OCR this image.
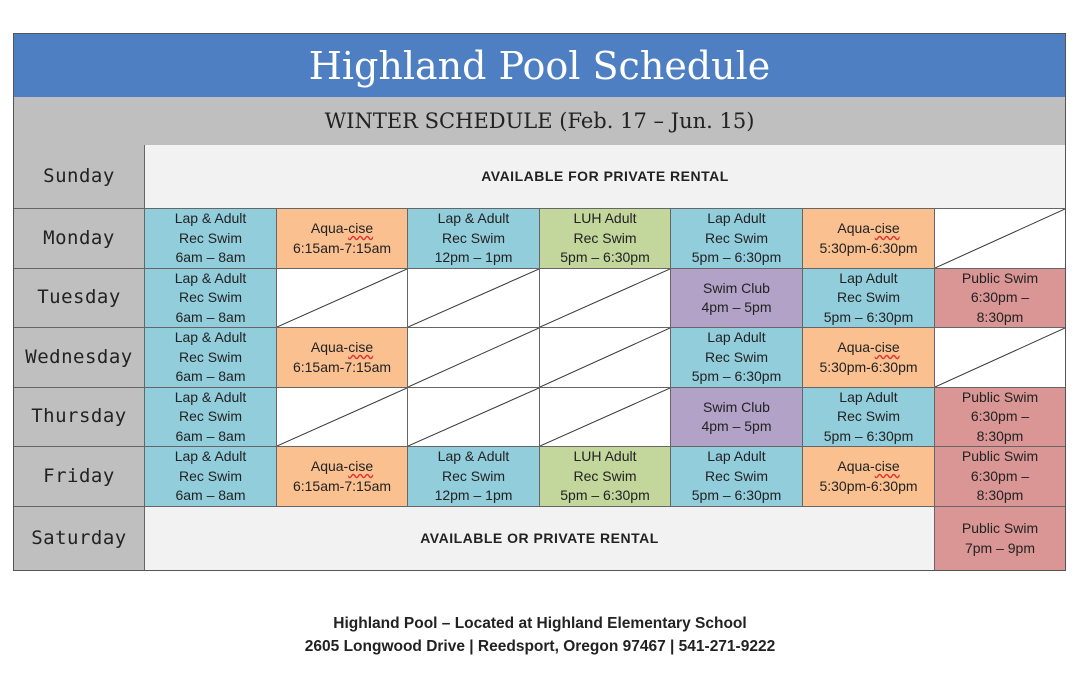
Highland Pool Schedule
WINTER SCHEDULE (Feb. 17 – Jun. 15)
Sunday	AVAILABLE FOR PRIVATE RENTAL
Monday
Lap & Adult
Rec Swim
6am – 8am
Aqua-cise
6:15am-7:15am
Lap & Adult
Rec Swim
12pm – 1pm
LUH Adult
Rec Swim
5pm – 6:30pm
Lap Adult
Rec Swim
5pm – 6:30pm
Aqua-cise
5:30pm-6:30pm
Tuesday
Lap & Adult
Rec Swim
6am – 8am
Swim Club
4pm – 5pm
Lap Adult
Rec Swim
5pm – 6:30pm
Public Swim
6:30pm –
8:30pm
Wednesday
Lap & Adult
Rec Swim
6am – 8am
Aqua-cise
6:15am-7:15am
Lap Adult
Rec Swim
5pm – 6:30pm
Aqua-cise
5:30pm-6:30pm
Thursday
Lap & Adult
Rec Swim
6am – 8am
Swim Club
4pm – 5pm
Lap Adult
Rec Swim
5pm – 6:30pm
Public Swim
6:30pm –
8:30pm
Friday
Lap & Adult
Rec Swim
6am – 8am
Aqua-cise
6:15am-7:15am
Lap & Adult
Rec Swim
12pm – 1pm
LUH Adult
Rec Swim
5pm – 6:30pm
Lap Adult
Rec Swim
5pm – 6:30pm
Aqua-cise
5:30pm-6:30pm
Public Swim
6:30pm –
8:30pm
Saturday	AVAILABLE OR PRIVATE RENTAL
Public Swim
7pm – 9pm
Highland Pool – Located at Highland Elementary School
2605 Longwood Drive | Reedsport, Oregon 97467 | 541-271-9222
